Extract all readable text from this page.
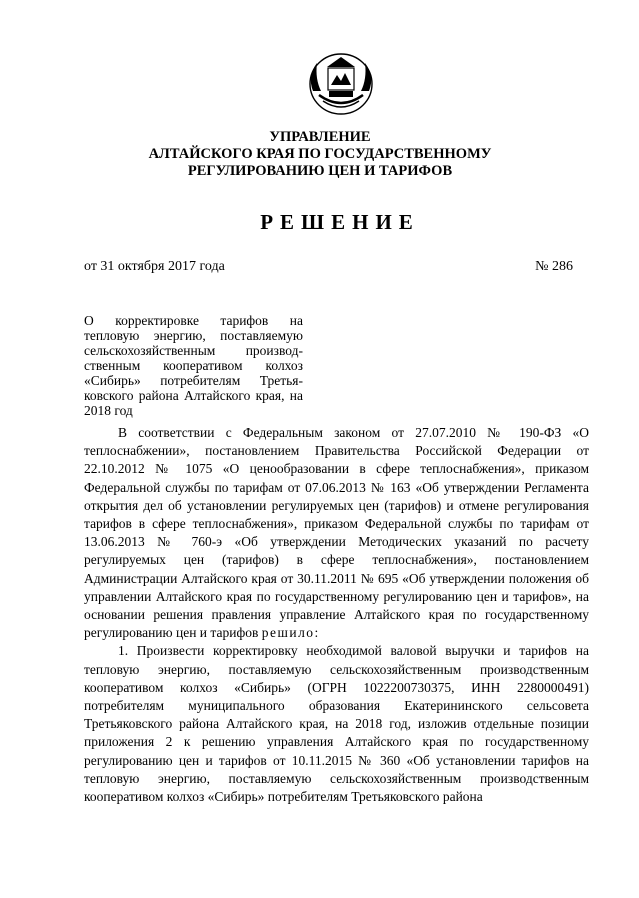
УПРАВЛЕНИЕ
АЛТАЙСКОГО КРАЯ ПО ГОСУДАРСТВЕННОМУ
РЕГУЛИРОВАНИЮ ЦЕН И ТАРИФОВ
РЕШЕНИЕ
от 31 октября 2017 года	№ 286
О корректировке тарифов на тепловую энергию, поставляемую сельскохозяйственным производ-ственным кооперативом колхоз «Сибирь» потребителям Третья-ковского района Алтайского края, на 2018 год

В соответствии с Федеральным законом от 27.07.2010 № 190-ФЗ «О теплоснабжении», постановлением Правительства Российской Федерации от 22.10.2012 № 1075 «О ценообразовании в сфере теплоснабжения», приказом Федеральной службы по тарифам от 07.06.2013 № 163 «Об утверждении Регламента открытия дел об установлении регулируемых цен (тарифов) и отмене регулирования тарифов в сфере теплоснабжения», приказом Федеральной службы по тарифам от 13.06.2013 № 760-э «Об утверждении Методических указаний по расчету регулируемых цен (тарифов) в сфере теплоснабжения», постановлением Администрации Алтайского края от 30.11.2011 № 695 «Об утверждении положения об управлении Алтайского края по государственному регулированию цен и тарифов», на основании решения правления управление Алтайского края по государственному регулированию цен и тарифов решило:

1. Произвести корректировку необходимой валовой выручки и тарифов на тепловую энергию, поставляемую сельскохозяйственным производственным кооперативом колхоз «Сибирь» (ОГРН 1022200730375, ИНН 2280000491) потребителям муниципального образования Екатерининского сельсовета Третьяковского района Алтайского края, на 2018 год, изложив отдельные позиции приложения 2 к решению управления Алтайского края по государственному регулированию цен и тарифов от 10.11.2015 № 360 «Об установлении тарифов на тепловую энергию, поставляемую сельскохозяйственным производственным кооперативом колхоз «Сибирь» потребителям Третьяковского района
